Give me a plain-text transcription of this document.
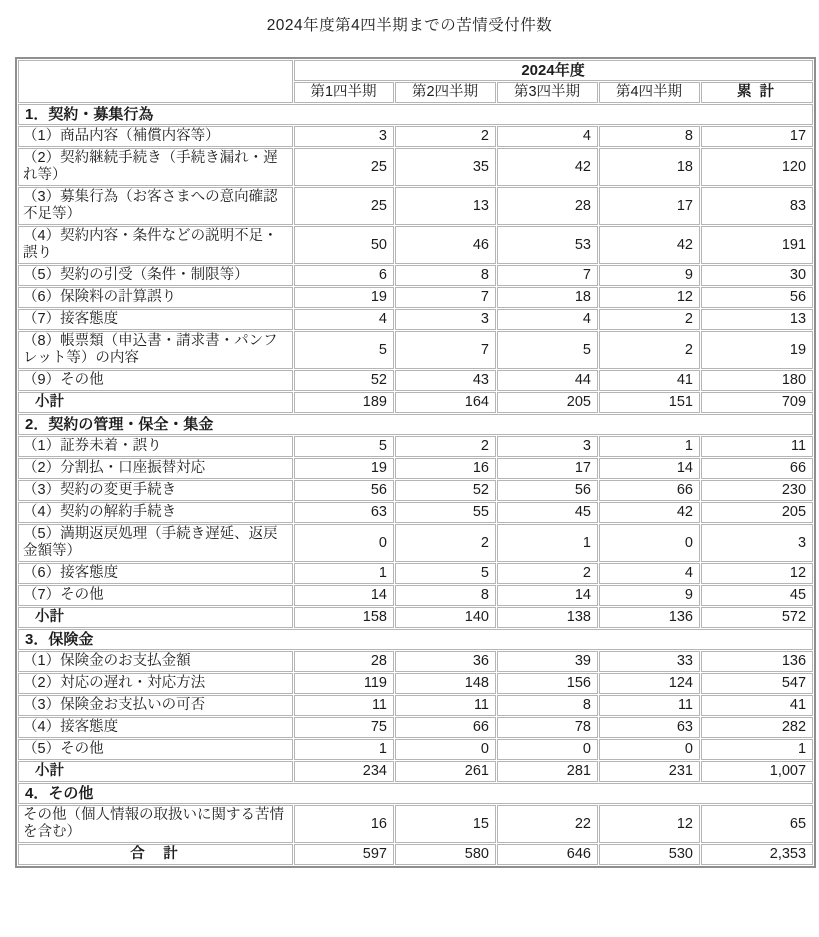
2024年度第4四半期までの苦情受付件数
	2024年度				
	第1四半期	第2四半期	第3四半期	第4四半期	累 計
1．契約・募集行為					
（1）商品内容（補償内容等）	3	2	4	8	17
（2）契約継続手続き（手続き漏れ・遅れ等）	25	35	42	18	120
（3）募集行為（お客さまへの意向確認不足等）	25	13	28	17	83
（4）契約内容・条件などの説明不足・誤り	50	46	53	42	191
（5）契約の引受（条件・制限等）	6	8	7	9	30
（6）保険料の計算誤り	19	7	18	12	56
（7）接客態度	4	3	4	2	13
（8）帳票類（申込書・請求書・パンフレット等）の内容	5	7	5	2	19
（9）その他	52	43	44	41	180
小計	189	164	205	151	709
2．契約の管理・保全・集金					
（1）証券未着・誤り	5	2	3	1	11
（2）分割払・口座振替対応	19	16	17	14	66
（3）契約の変更手続き	56	52	56	66	230
（4）契約の解約手続き	63	55	45	42	205
（5）満期返戻処理（手続き遅延、返戻金額等）	0	2	1	0	3
（6）接客態度	1	5	2	4	12
（7）その他	14	8	14	9	45
小計	158	140	138	136	572
3．保険金					
（1）保険金のお支払金額	28	36	39	33	136
（2）対応の遅れ・対応方法	119	148	156	124	547
（3）保険金お支払いの可否	11	11	8	11	41
（4）接客態度	75	66	78	63	282
（5）その他	1	0	0	0	1
小計	234	261	281	231	1,007
4．その他					
その他（個人情報の取扱いに関する苦情を含む）	16	15	22	12	65
合　計	597	580	646	530	2,353
